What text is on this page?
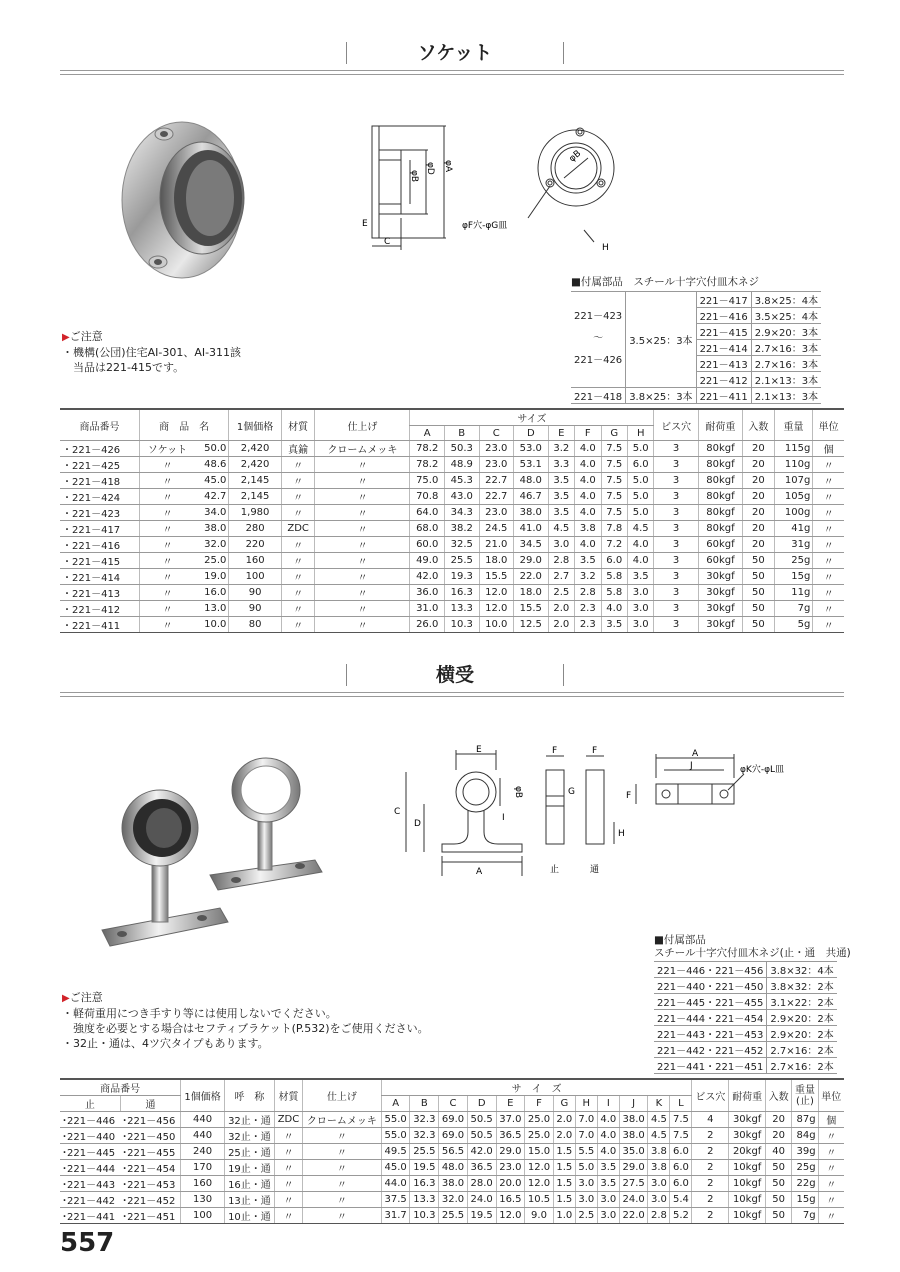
ソケット
φB
φD φA
E
C
φB
φF穴‐φG皿
H
■付属部品　スチール十字穴付皿木ネジ
221－423
～
221－426	3.5×25：3本	221－417	3.8×25：4本
		221－416	3.5×25：4本
		221－415	2.9×20：3本
		221－414	2.7×16：3本
		221－413	2.7×16：3本
		221－412	2.1×13：3本
221－418	3.8×25：3本	221－411	2.1×13：3本
▶ご注意
・機構(公団)住宅AI-301、AI-311該
　当品は221-415です。
商品番号	商　品　名		1個価格	材質	仕上げ	サイズ								ビス穴	耐荷重	入数	重量	単位
						A	B	C	D	E	F	G	H					
・221－426	ソケット	50.0	2,420	真鍮	クロームメッキ	78.2	50.3	23.0	53.0	3.2	4.0	7.5	5.0	3	80kgf	20	115g	個
・221－425	〃	48.6	2,420	〃	〃	78.2	48.9	23.0	53.1	3.3	4.0	7.5	6.0	3	80kgf	20	110g	〃
・221－418	〃	45.0	2,145	〃	〃	75.0	45.3	22.7	48.0	3.5	4.0	7.5	5.0	3	80kgf	20	107g	〃
・221－424	〃	42.7	2,145	〃	〃	70.8	43.0	22.7	46.7	3.5	4.0	7.5	5.0	3	80kgf	20	105g	〃
・221－423	〃	34.0	1,980	〃	〃	64.0	34.3	23.0	38.0	3.5	4.0	7.5	5.0	3	80kgf	20	100g	〃
・221－417	〃	38.0	280	ZDC	〃	68.0	38.2	24.5	41.0	4.5	3.8	7.8	4.5	3	80kgf	20	41g	〃
・221－416	〃	32.0	220	〃	〃	60.0	32.5	21.0	34.5	3.0	4.0	7.2	4.0	3	60kgf	20	31g	〃
・221－415	〃	25.0	160	〃	〃	49.0	25.5	18.0	29.0	2.8	3.5	6.0	4.0	3	60kgf	50	25g	〃
・221－414	〃	19.0	100	〃	〃	42.0	19.3	15.5	22.0	2.7	3.2	5.8	3.5	3	30kgf	50	15g	〃
・221－413	〃	16.0	90	〃	〃	36.0	16.3	12.0	18.0	2.5	2.8	5.8	3.0	3	30kgf	50	11g	〃
・221－412	〃	13.0	90	〃	〃	31.0	13.3	12.0	15.5	2.0	2.3	4.0	3.0	3	30kgf	50	7g	〃
・221－411	〃	10.0	80	〃	〃	26.0	10.3	10.0	12.5	2.0	2.3	3.5	3.0	3	30kgf	50	5g	〃
横受
E	F	F
C
D
φB
I
G
H
A	止	通
A
J	φK穴‐φL皿
F
■付属部品
スチール十字穴付皿木ネジ(止・通　共通)
221－446・221－456	3.8×32：4本
221－440・221－450	3.8×32：2本
221－445・221－455	3.1×22：2本
221－444・221－454	2.9×20：2本
221－443・221－453	2.9×20：2本
221－442・221－452	2.7×16：2本
221－441・221－451	2.7×16：2本
▶ご注意
・軽荷重用につき手すり等には使用しないでください。
　強度を必要とする場合はセフティブラケット(P.532)をご使用ください。
・32止・通は、4ツ穴タイプもあります。
商品番号		1個価格	呼　称	材質	仕上げ	サ　イ　ズ												ビス穴	耐荷重	入数	重量
(止)	単位
止	通					A	B	C	D	E	F	G	H	I	J	K	L					
･221－446	･221－456	440	32止・通	ZDC	クロームメッキ	55.0	32.3	69.0	50.5	37.0	25.0	2.0	7.0	4.0	38.0	4.5	7.5	4	30kgf	20	87g	個
･221－440	･221－450	440	32止・通	〃	〃	55.0	32.3	69.0	50.5	36.5	25.0	2.0	7.0	4.0	38.0	4.5	7.5	2	30kgf	20	84g	〃
･221－445	･221－455	240	25止・通	〃	〃	49.5	25.5	56.5	42.0	29.0	15.0	1.5	5.5	4.0	35.0	3.8	6.0	2	20kgf	40	39g	〃
･221－444	･221－454	170	19止・通	〃	〃	45.0	19.5	48.0	36.5	23.0	12.0	1.5	5.0	3.5	29.0	3.8	6.0	2	10kgf	50	25g	〃
･221－443	･221－453	160	16止・通	〃	〃	44.0	16.3	38.0	28.0	20.0	12.0	1.5	3.0	3.5	27.5	3.0	6.0	2	10kgf	50	22g	〃
･221－442	･221－452	130	13止・通	〃	〃	37.5	13.3	32.0	24.0	16.5	10.5	1.5	3.0	3.0	24.0	3.0	5.4	2	10kgf	50	15g	〃
･221－441	･221－451	100	10止・通	〃	〃	31.7	10.3	25.5	19.5	12.0	9.0	1.0	2.5	3.0	22.0	2.8	5.2	2	10kgf	50	7g	〃
557
